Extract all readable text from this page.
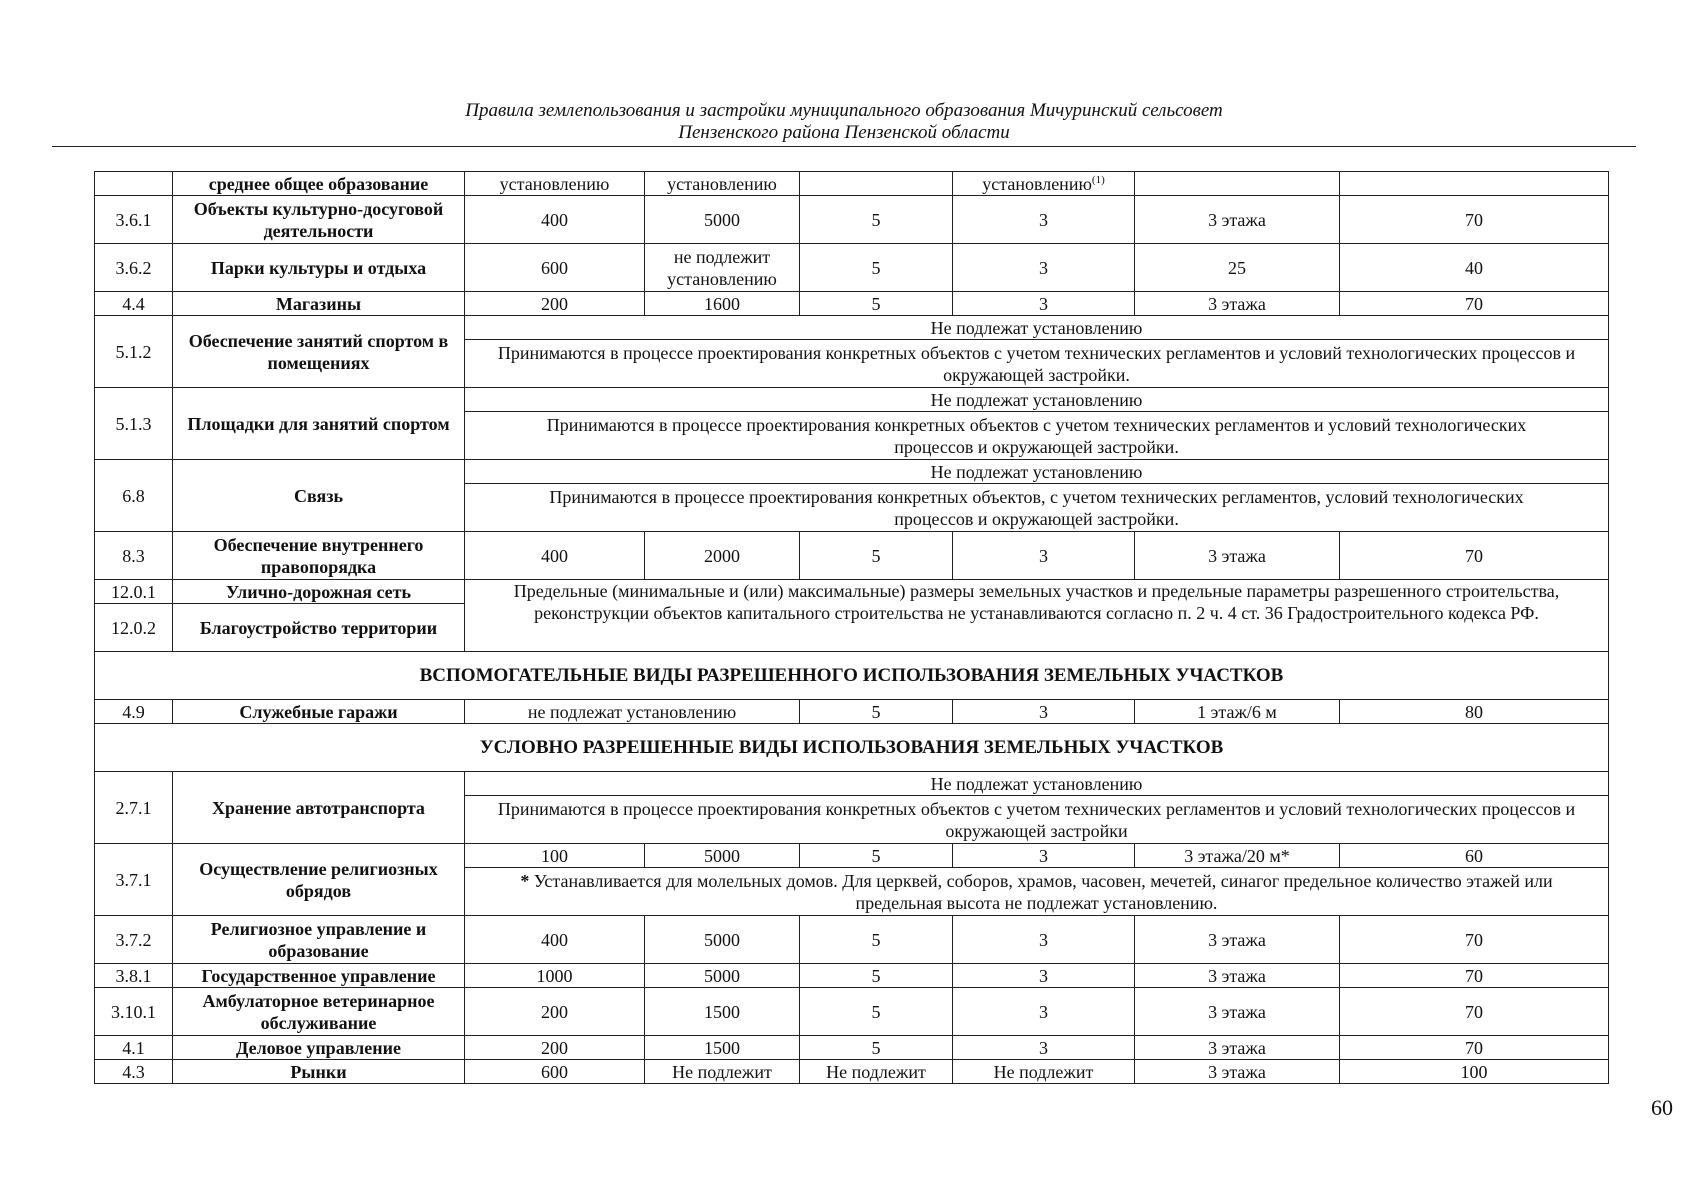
Правила землепользования и застройки муниципального образования Мичуринский сельсовет
Пензенского района Пензенской области
	среднее общее образование	установлению	установлению		установлению$^{(1)}$		
3.6.1	Объекты культурно-досуговой деятельности	400	5000	5	3	3 этажа	70
3.6.2	Парки культуры и отдыха	600	не подлежит установлению	5	3	25	40
4.4	Магазины	200	1600	5	3	3 этажа	70
5.1.2	Обеспечение занятий спортом в помещениях	Не подлежат установлению					
		Принимаются в процессе проектирования конкретных объектов с учетом технических регламентов и условий технологических процессов и окружающей застройки.					
5.1.3	Площадки для занятий спортом	Не подлежат установлению					
		Принимаются в процессе проектирования конкретных объектов с учетом технических регламентов и условий технологических процессов и окружающей застройки.					
6.8	Связь	Не подлежат установлению					
		Принимаются в процессе проектирования конкретных объектов, с учетом технических регламентов, условий технологических процессов и окружающей застройки.					
8.3	Обеспечение внутреннего правопорядка	400	2000	5	3	3 этажа	70
12.0.1	Улично-дорожная сеть	Предельные (минимальные и (или) максимальные) размеры земельных участков и предельные параметры разрешенного строительства, реконструкции объектов капитального строительства не устанавливаются согласно п. 2 ч. 4 ст. 36 Градостроительного кодекса РФ.					
12.0.2	Благоустройство территории						
ВСПОМОГАТЕЛЬНЫЕ ВИДЫ РАЗРЕШЕННОГО ИСПОЛЬЗОВАНИЯ ЗЕМЕЛЬНЫХ УЧАСТКОВ							
4.9	Служебные гаражи	не подлежат установлению		5	3	1 этаж/6 м	80
УСЛОВНО РАЗРЕШЕННЫЕ ВИДЫ ИСПОЛЬЗОВАНИЯ ЗЕМЕЛЬНЫХ УЧАСТКОВ							
2.7.1	Хранение автотранспорта	Не подлежат установлению					
		Принимаются в процессе проектирования конкретных объектов с учетом технических регламентов и условий технологических процессов и окружающей застройки					
3.7.1	Осуществление религиозных обрядов	100	5000	5	3	3 этажа/20 м*	60
		* Устанавливается для молельных домов. Для церквей, соборов, храмов, часовен, мечетей, синагог предельное количество этажей или предельная высота не подлежат установлению.					
3.7.2	Религиозное управление и образование	400	5000	5	3	3 этажа	70
3.8.1	Государственное управление	1000	5000	5	3	3 этажа	70
3.10.1	Амбулаторное ветеринарное обслуживание	200	1500	5	3	3 этажа	70
4.1	Деловое управление	200	1500	5	3	3 этажа	70
4.3	Рынки	600	Не подлежит	Не подлежит	Не подлежит	3 этажа	100
60
